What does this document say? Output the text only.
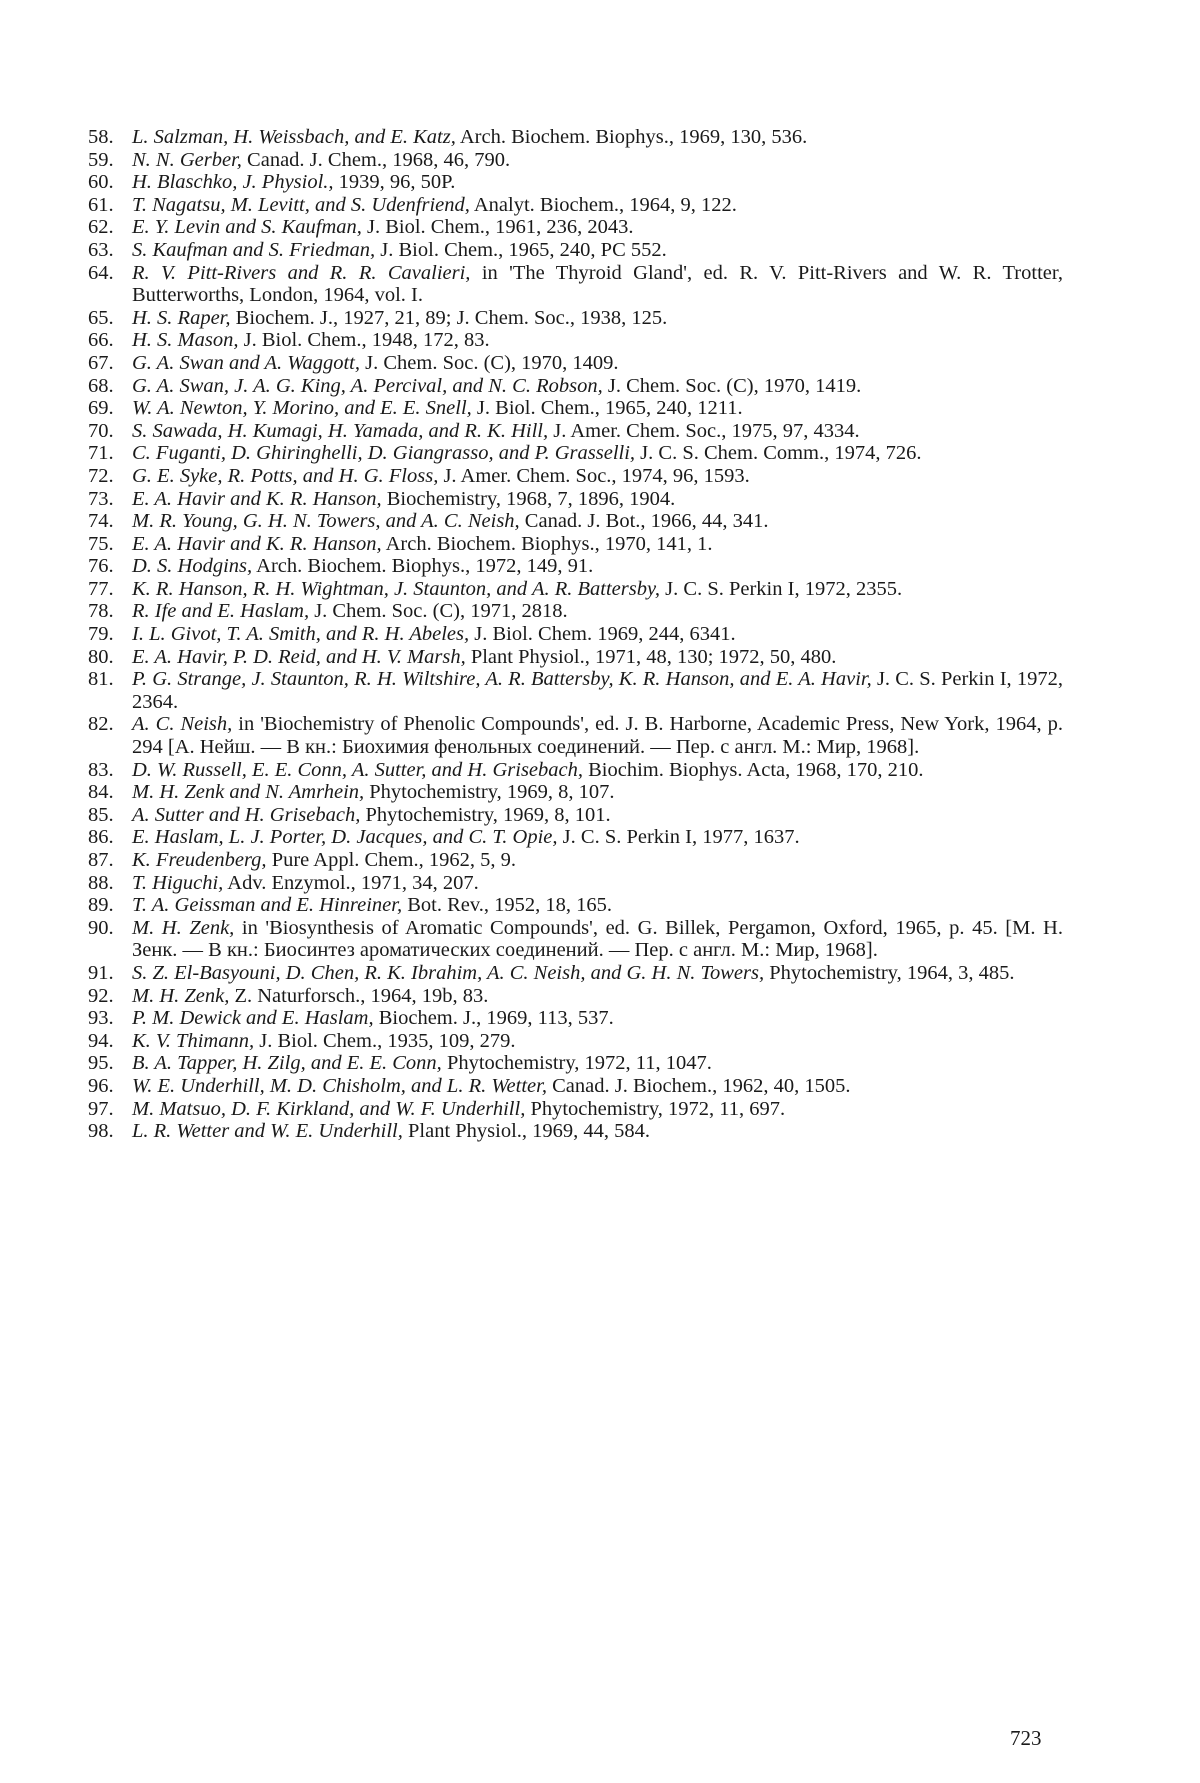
58. L. Salzman, H. Weissbach, and E. Katz, Arch. Biochem. Biophys., 1969, 130, 536.
59. N. N. Gerber, Canad. J. Chem., 1968, 46, 790.
60. H. Blaschko, J. Physiol., 1939, 96, 50P.
61. T. Nagatsu, M. Levitt, and S. Udenfriend, Analyt. Biochem., 1964, 9, 122.
62. E. Y. Levin and S. Kaufman, J. Biol. Chem., 1961, 236, 2043.
63. S. Kaufman and S. Friedman, J. Biol. Chem., 1965, 240, PC 552.
64. R. V. Pitt-Rivers and R. R. Cavalieri, in 'The Thyroid Gland', ed. R. V. Pitt-Rivers and W. R. Trotter, Butterworths, London, 1964, vol. I.
65. H. S. Raper, Biochem. J., 1927, 21, 89; J. Chem. Soc., 1938, 125.
66. H. S. Mason, J. Biol. Chem., 1948, 172, 83.
67. G. A. Swan and A. Waggott, J. Chem. Soc. (C), 1970, 1409.
68. G. A. Swan, J. A. G. King, A. Percival, and N. C. Robson, J. Chem. Soc. (C), 1970, 1419.
69. W. A. Newton, Y. Morino, and E. E. Snell, J. Biol. Chem., 1965, 240, 1211.
70. S. Sawada, H. Kumagi, H. Yamada, and R. K. Hill, J. Amer. Chem. Soc., 1975, 97, 4334.
71. C. Fuganti, D. Ghiringhelli, D. Giangrasso, and P. Grasselli, J. C. S. Chem. Comm., 1974, 726.
72. G. E. Syke, R. Potts, and H. G. Floss, J. Amer. Chem. Soc., 1974, 96, 1593.
73. E. A. Havir and K. R. Hanson, Biochemistry, 1968, 7, 1896, 1904.
74. M. R. Young, G. H. N. Towers, and A. C. Neish, Canad. J. Bot., 1966, 44, 341.
75. E. A. Havir and K. R. Hanson, Arch. Biochem. Biophys., 1970, 141, 1.
76. D. S. Hodgins, Arch. Biochem. Biophys., 1972, 149, 91.
77. K. R. Hanson, R. H. Wightman, J. Staunton, and A. R. Battersby, J. C. S. Perkin I, 1972, 2355.
78. R. Ife and E. Haslam, J. Chem. Soc. (C), 1971, 2818.
79. I. L. Givot, T. A. Smith, and R. H. Abeles, J. Biol. Chem. 1969, 244, 6341.
80. E. A. Havir, P. D. Reid, and H. V. Marsh, Plant Physiol., 1971, 48, 130; 1972, 50, 480.
81. P. G. Strange, J. Staunton, R. H. Wiltshire, A. R. Battersby, K. R. Hanson, and E. A. Havir, J. C. S. Perkin I, 1972, 2364.
82. A. C. Neish, in 'Biochemistry of Phenolic Compounds', ed. J. B. Harborne, Academic Press, New York, 1964, p. 294 [А. Нейш. — В кн.: Биохимия фенольных соединений. — Пер. с англ. М.: Мир, 1968].
83. D. W. Russell, E. E. Conn, A. Sutter, and H. Grisebach, Biochim. Biophys. Acta, 1968, 170, 210.
84. M. H. Zenk and N. Amrhein, Phytochemistry, 1969, 8, 107.
85. A. Sutter and H. Grisebach, Phytochemistry, 1969, 8, 101.
86. E. Haslam, L. J. Porter, D. Jacques, and C. T. Opie, J. C. S. Perkin I, 1977, 1637.
87. K. Freudenberg, Pure Appl. Chem., 1962, 5, 9.
88. T. Higuchi, Adv. Enzymol., 1971, 34, 207.
89. T. A. Geissman and E. Hinreiner, Bot. Rev., 1952, 18, 165.
90. M. H. Zenk, in 'Biosynthesis of Aromatic Compounds', ed. G. Billek, Pergamon, Oxford, 1965, p. 45. [М. Н. Зенк. — В кн.: Биосинтез ароматических соединений. — Пер. с англ. М.: Мир, 1968].
91. S. Z. El-Basyouni, D. Chen, R. K. Ibrahim, A. C. Neish, and G. H. N. Towers, Phytochemistry, 1964, 3, 485.
92. M. H. Zenk, Z. Naturforsch., 1964, 19b, 83.
93. P. M. Dewick and E. Haslam, Biochem. J., 1969, 113, 537.
94. K. V. Thimann, J. Biol. Chem., 1935, 109, 279.
95. B. A. Tapper, H. Zilg, and E. E. Conn, Phytochemistry, 1972, 11, 1047.
96. W. E. Underhill, M. D. Chisholm, and L. R. Wetter, Canad. J. Biochem., 1962, 40, 1505.
97. M. Matsuo, D. F. Kirkland, and W. F. Underhill, Phytochemistry, 1972, 11, 697.
98. L. R. Wetter and W. E. Underhill, Plant Physiol., 1969, 44, 584.
723
